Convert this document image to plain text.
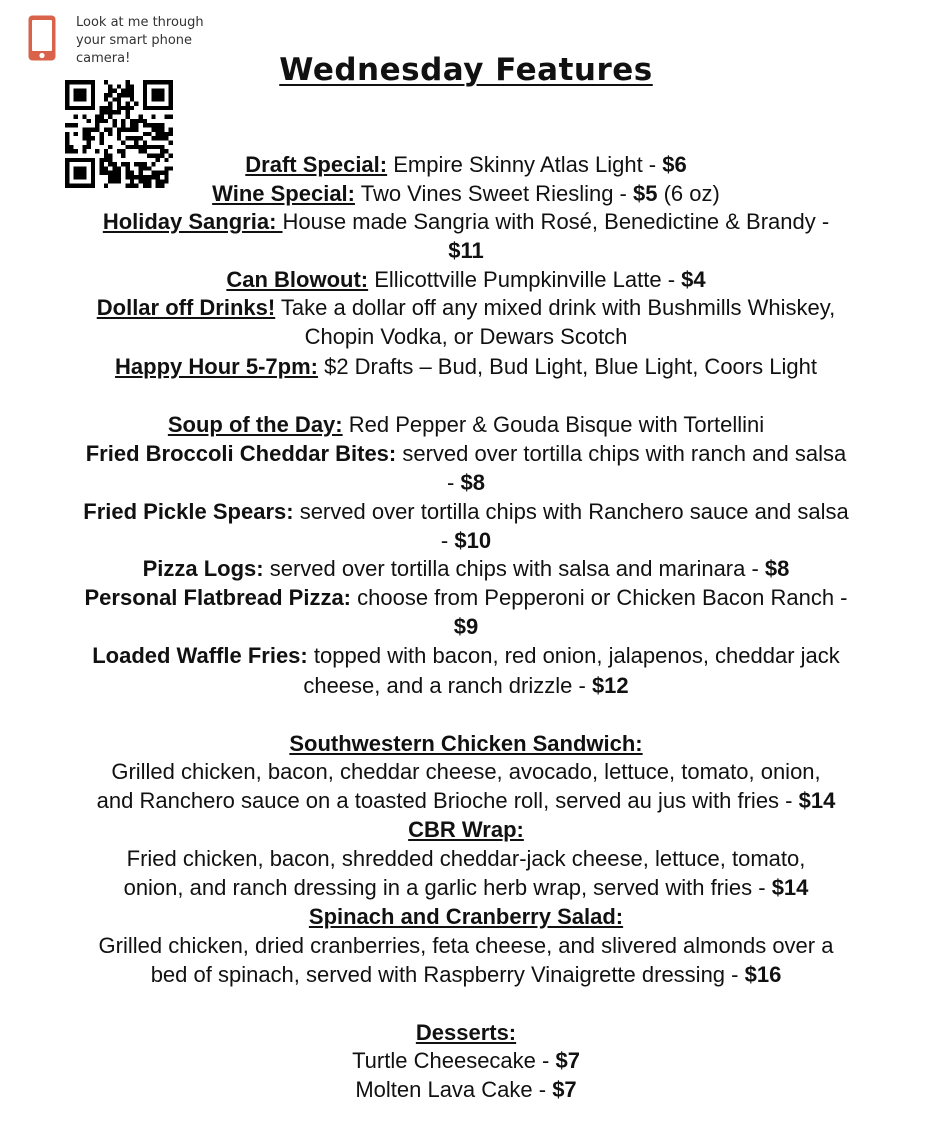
Look at me through your smart phone camera!	Wednesday Features
Draft Special: Empire Skinny Atlas Light - $6
Wine Special: Two Vines Sweet Riesling - $5 (6 oz)
Holiday Sangria: House made Sangria with Rosé, Benedictine & Brandy -
$11
Can Blowout: Ellicottville Pumpkinville Latte - $4
Dollar off Drinks! Take a dollar off any mixed drink with Bushmills Whiskey,
Chopin Vodka, or Dewars Scotch
Happy Hour 5-7pm: $2 Drafts – Bud, Bud Light, Blue Light, Coors Light
Soup of the Day: Red Pepper & Gouda Bisque with Tortellini
Fried Broccoli Cheddar Bites: served over tortilla chips with ranch and salsa
- $8
Fried Pickle Spears: served over tortilla chips with Ranchero sauce and salsa
- $10
Pizza Logs: served over tortilla chips with salsa and marinara - $8
Personal Flatbread Pizza: choose from Pepperoni or Chicken Bacon Ranch -
$9
Loaded Waffle Fries: topped with bacon, red onion, jalapenos, cheddar jack
cheese, and a ranch drizzle - $12
Southwestern Chicken Sandwich:
Grilled chicken, bacon, cheddar cheese, avocado, lettuce, tomato, onion,
and Ranchero sauce on a toasted Brioche roll, served au jus with fries - $14
CBR Wrap:
Fried chicken, bacon, shredded cheddar-jack cheese, lettuce, tomato,
onion, and ranch dressing in a garlic herb wrap, served with fries - $14
Spinach and Cranberry Salad:
Grilled chicken, dried cranberries, feta cheese, and slivered almonds over a
bed of spinach, served with Raspberry Vinaigrette dressing - $16
Desserts:
Turtle Cheesecake - $7
Molten Lava Cake - $7
